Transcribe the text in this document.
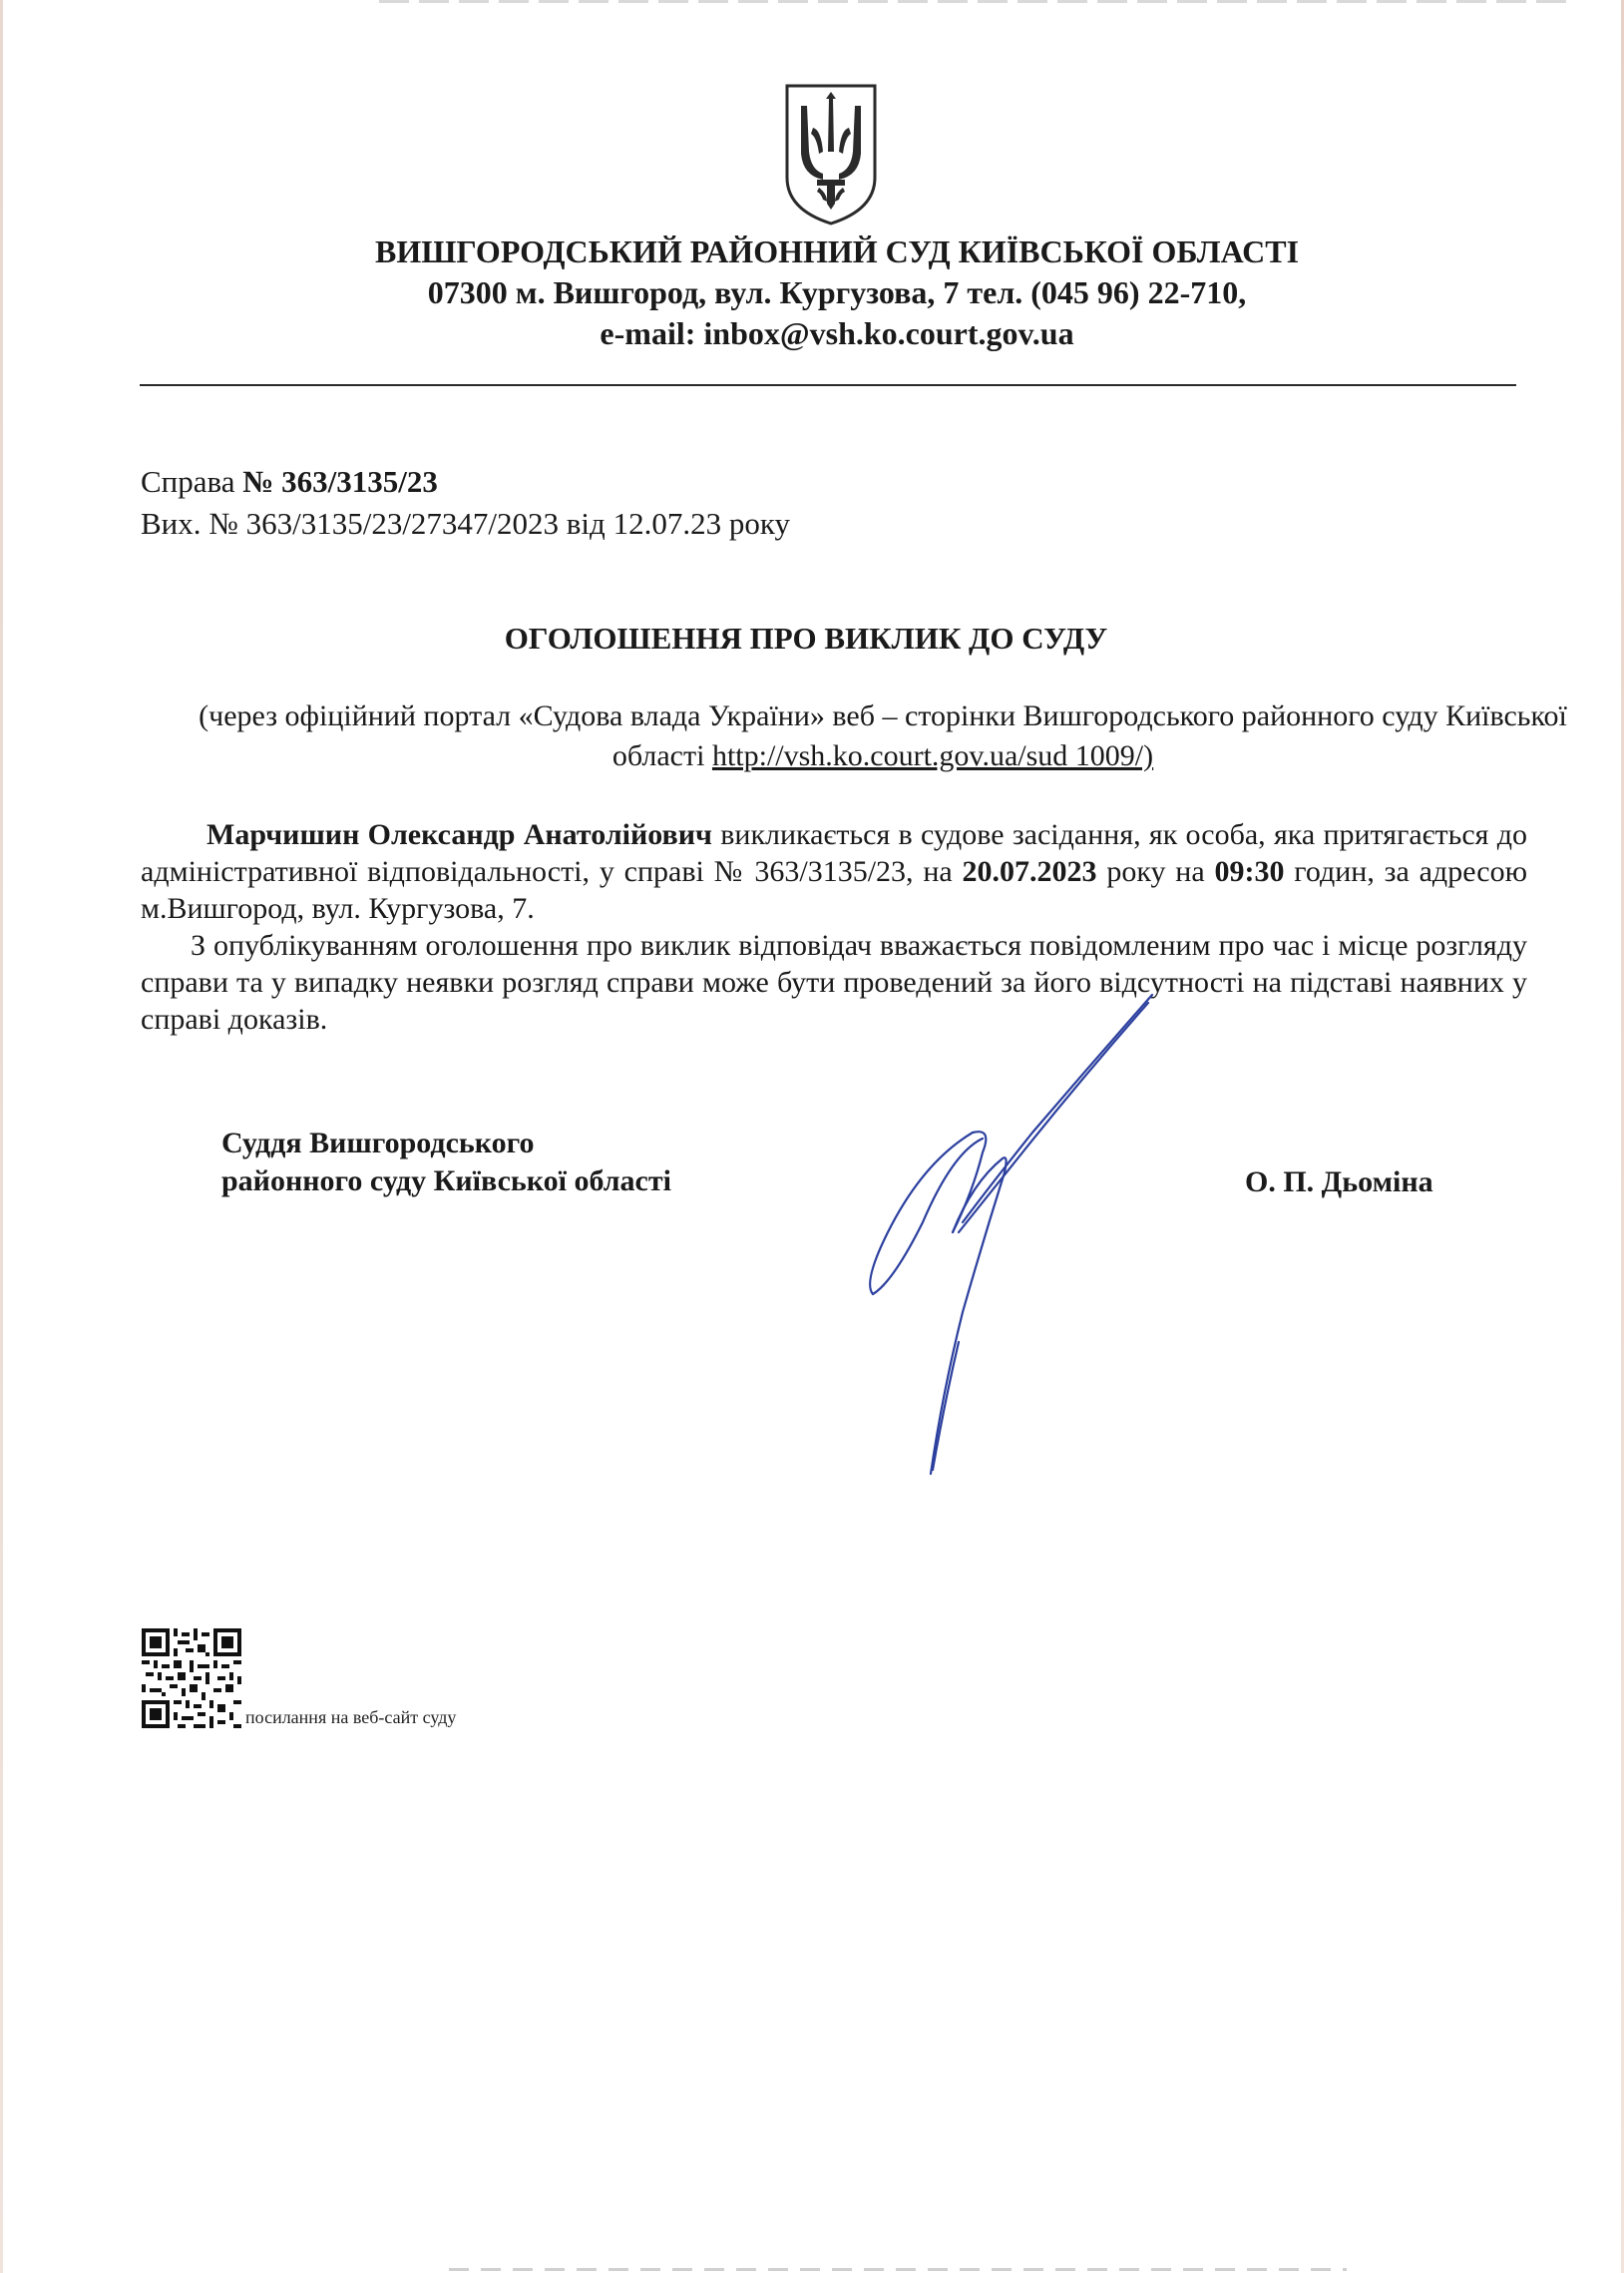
ВИШГОРОДСЬКИЙ РАЙОННИЙ СУД КИЇВСЬКОЇ ОБЛАСТІ
07300 м. Вишгород, вул. Кургузова, 7 тел. (045 96) 22-710,
e-mail: inbox@vsh.ko.court.gov.ua
Справа № 363/3135/23
Вих. № 363/3135/23/27347/2023 від 12.07.23 року
ОГОЛОШЕННЯ ПРО ВИКЛИК ДО СУДУ
(через офіційний портал «Судова влада України» веб – сторінки Вишгородського районного суду Київської області http://vsh.ko.court.gov.ua/sud 1009/)

Марчишин Олександр Анатолійович викликається в судове засідання, як особа, яка притягається до адміністративної відповідальності, у справі № 363/3135/23, на 20.07.2023 року на 09:30 годин, за адресою м.Вишгород, вул. Кургузова, 7.

З опублікуванням оголошення про виклик відповідач вважається повідомленим про час і місце розгляду справи та у випадку неявки розгляд справи може бути проведений за його відсутності на підставі наявних у справі доказів.

Суддя Вишгородського
районного суду Київської області	О. П. Дьоміна
посилання на веб-сайт суду
